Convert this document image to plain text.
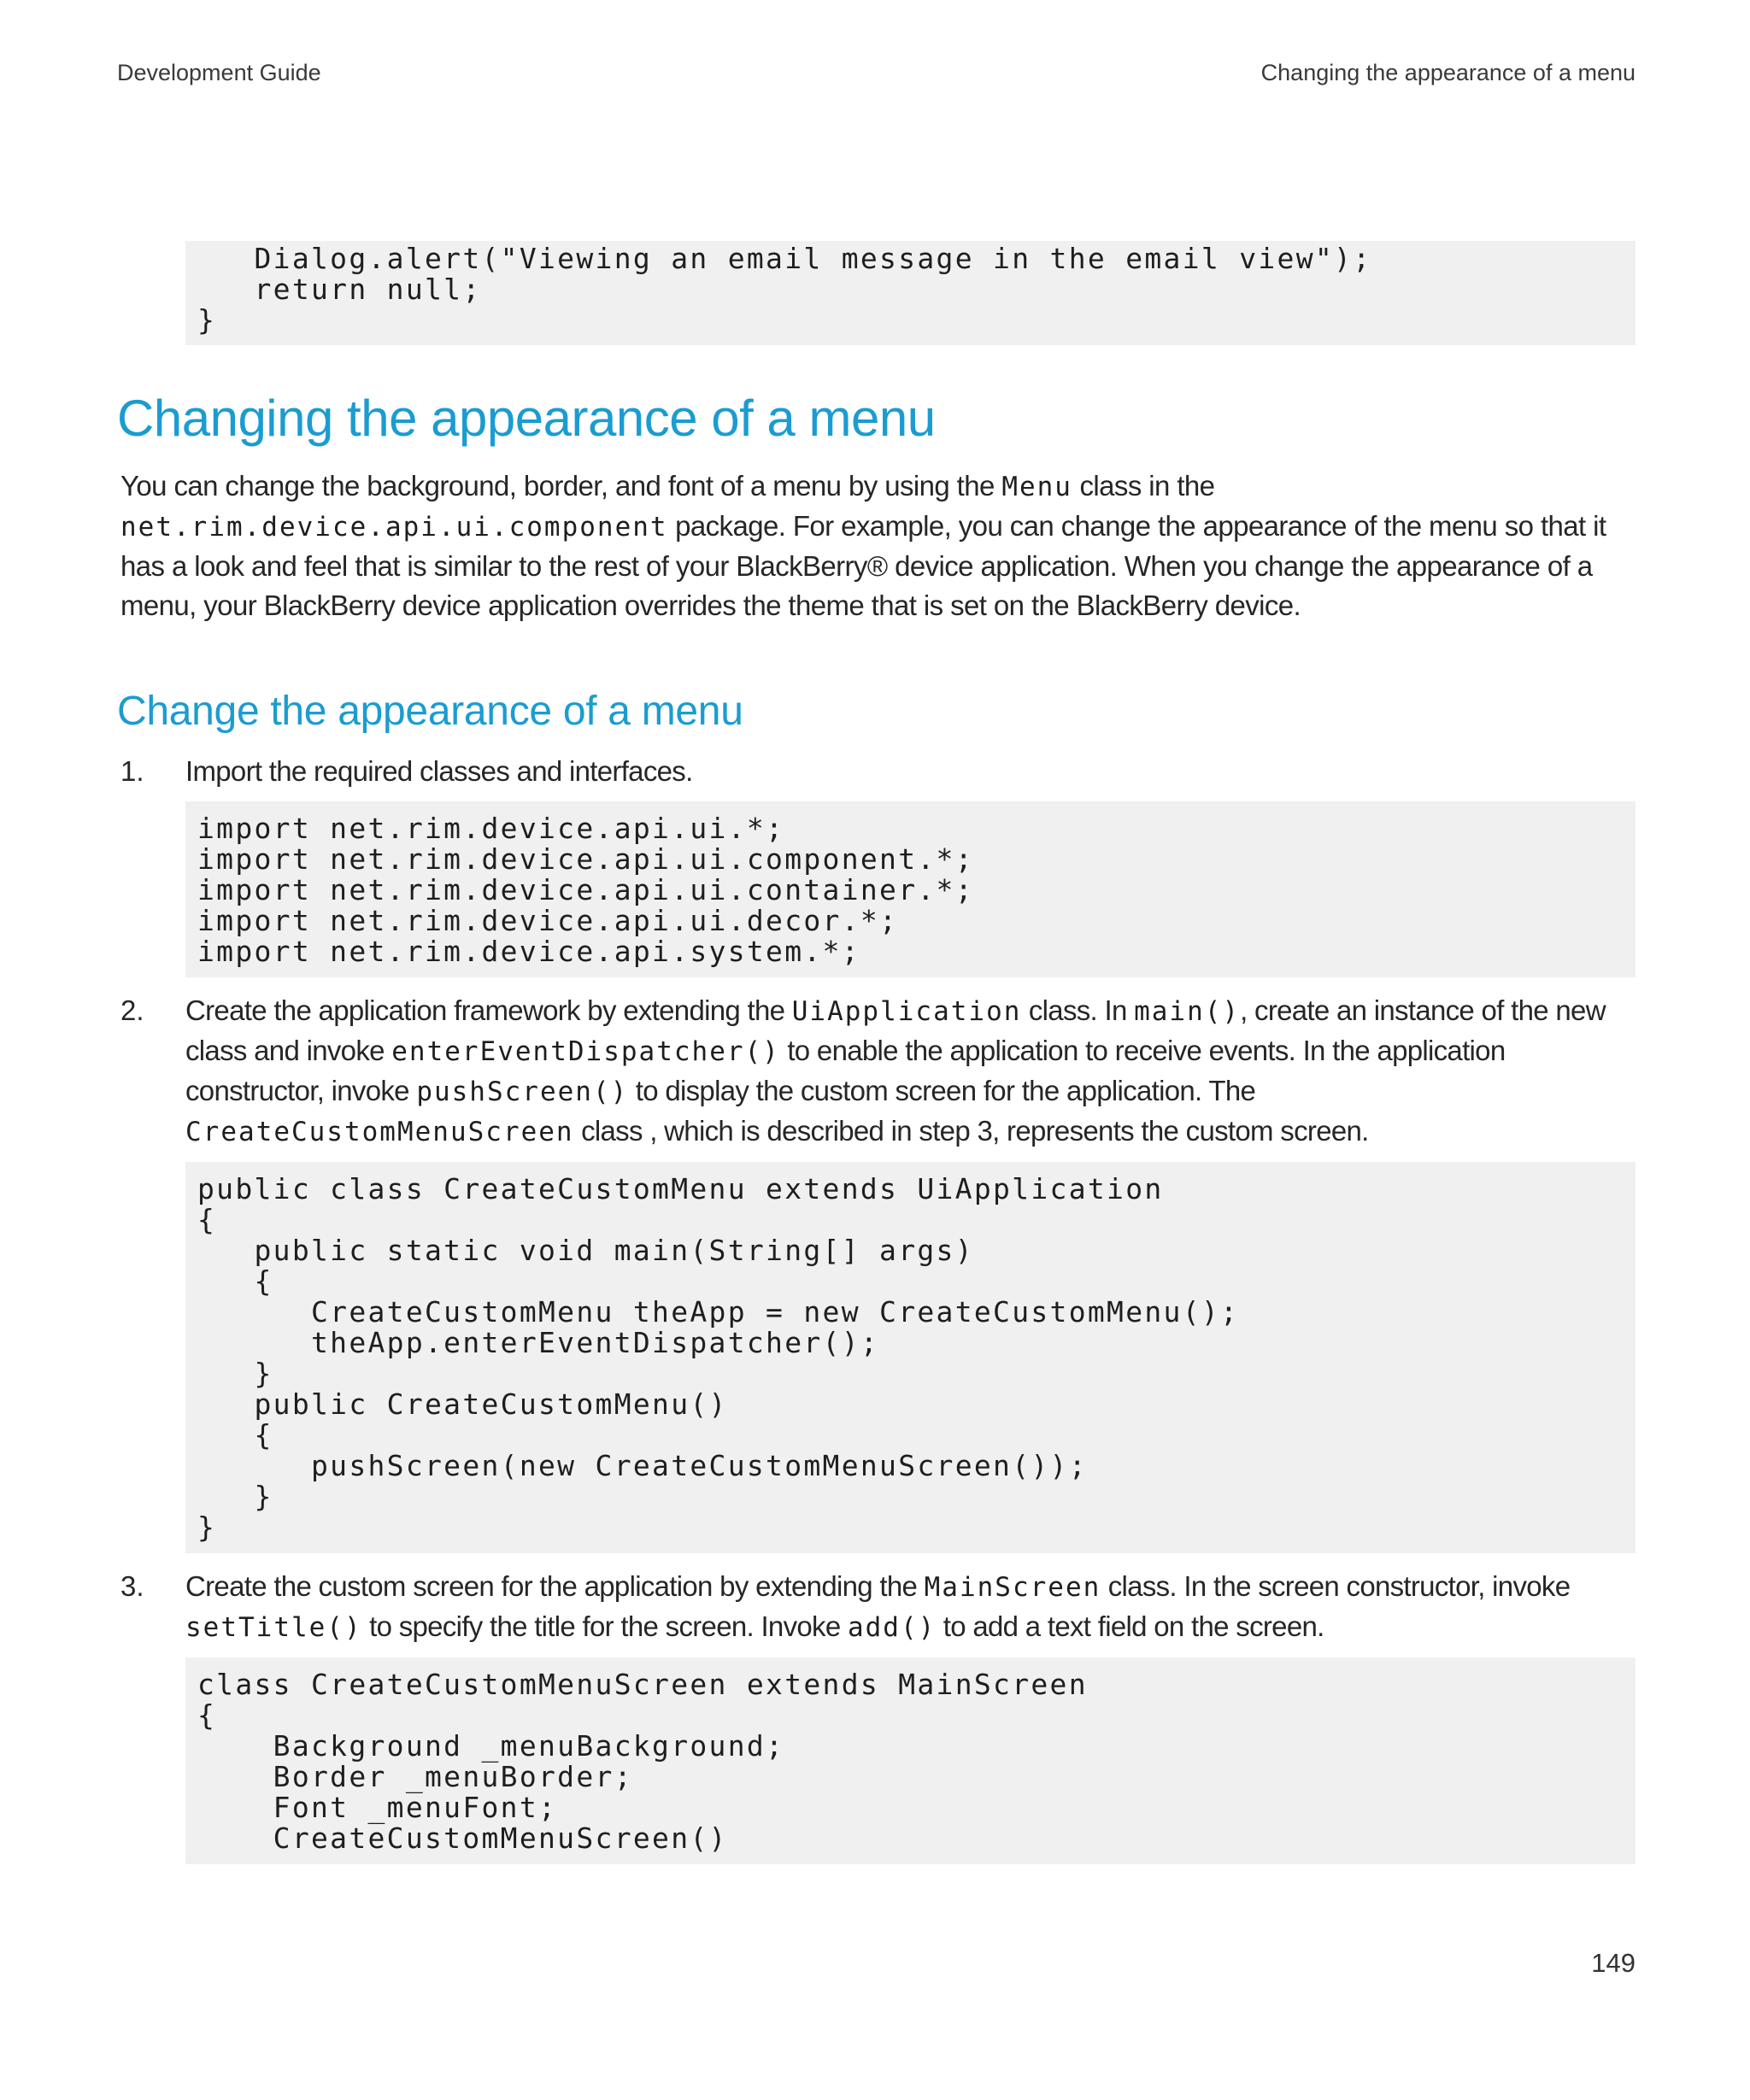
Development Guide	Changing the appearance of a menu
Dialog.alert("Viewing an email message in the email view");
return null;
}
Changing the appearance of a menu

You can change the background, border, and font of a menu by using the Menu class in the net.rim.device.api.ui.component package. For example, you can change the appearance of the menu so that it has a look and feel that is similar to the rest of your BlackBerry® device application. When you change the appearance of a menu, your BlackBerry device application overrides the theme that is set on the BlackBerry device.

Change the appearance of a menu
1. Import the required classes and interfaces.
import net.rim.device.api.ui.*;
import net.rim.device.api.ui.component.*;
import net.rim.device.api.ui.container.*;
import net.rim.device.api.ui.decor.*;
import net.rim.device.api.system.*;
2. Create the application framework by extending the UiApplication class. In main(), create an instance of the new class and invoke enterEventDispatcher() to enable the application to receive events. In the application constructor, invoke pushScreen() to display the custom screen for the application. The CreateCustomMenuScreen class , which is described in step 3, represents the custom screen.
public class CreateCustomMenu extends UiApplication
{
public static void main(String[] args)
{
CreateCustomMenu theApp = new CreateCustomMenu();
theApp.enterEventDispatcher();
}
public CreateCustomMenu()
{
pushScreen(new CreateCustomMenuScreen());
}
}
3. Create the custom screen for the application by extending the MainScreen class. In the screen constructor, invoke setTitle() to specify the title for the screen. Invoke add() to add a text field on the screen.
class CreateCustomMenuScreen extends MainScreen
{
Background _menuBackground;
Border _menuBorder;
Font _menuFont;
CreateCustomMenuScreen()
149
